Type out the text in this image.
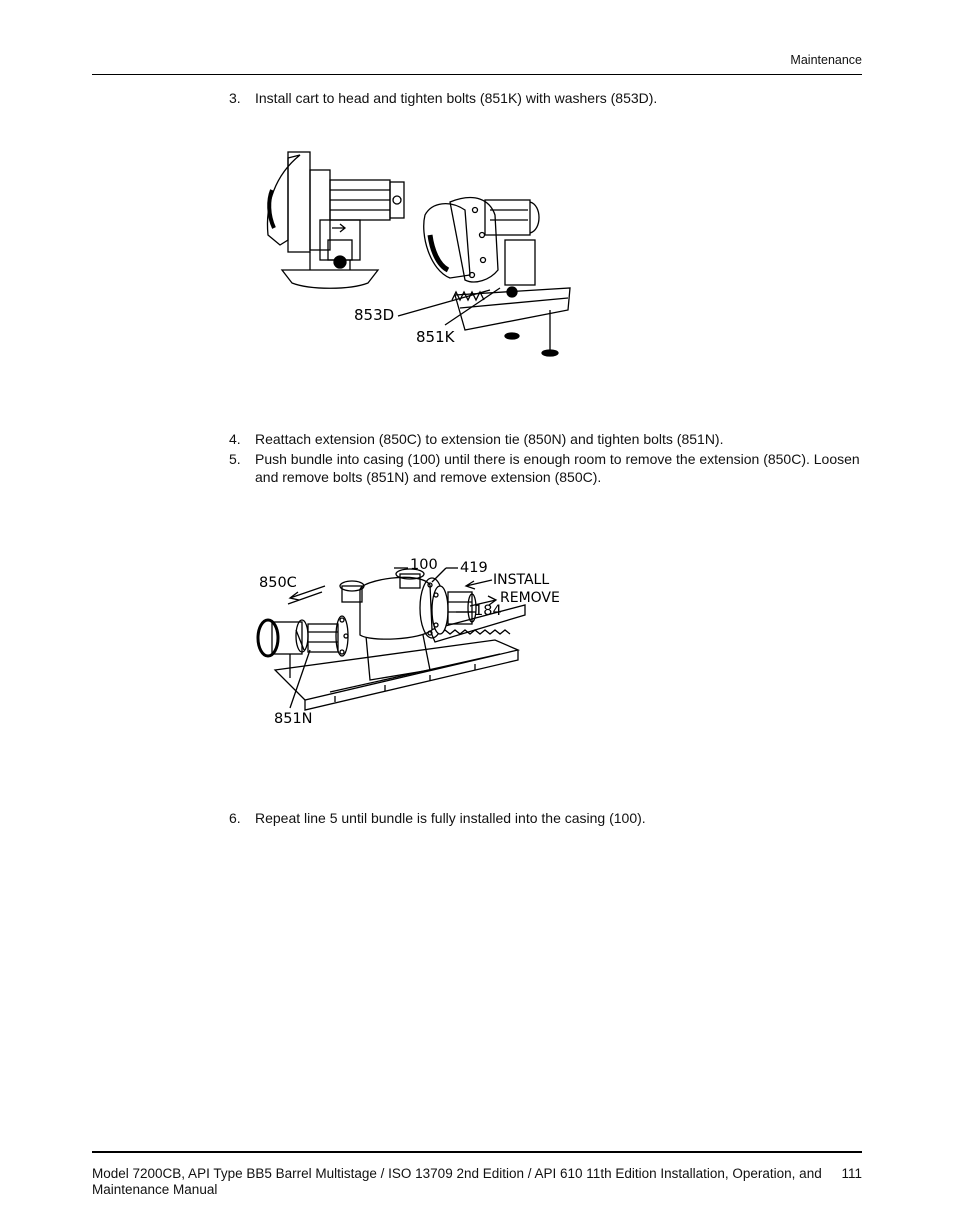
Maintenance
3. Install cart to head and tighten bolts (851K) with washers (853D).
853D
851K
4. Reattach extension (850C) to extension tie (850N) and tighten bolts (851N).
5. Push bundle into casing (100) until there is enough room to remove the extension (850C). Loosen and remove bolts (851N) and remove extension (850C).
850C
100 419
INSTALL
REMOVE
184
851N
6. Repeat line 5 until bundle is fully installed into the casing (100).
Model 7200CB, API Type BB5 Barrel Multistage / ISO 13709 2nd Edition / API 610 11th Edition Installation, Operation, and Maintenance Manual
111
